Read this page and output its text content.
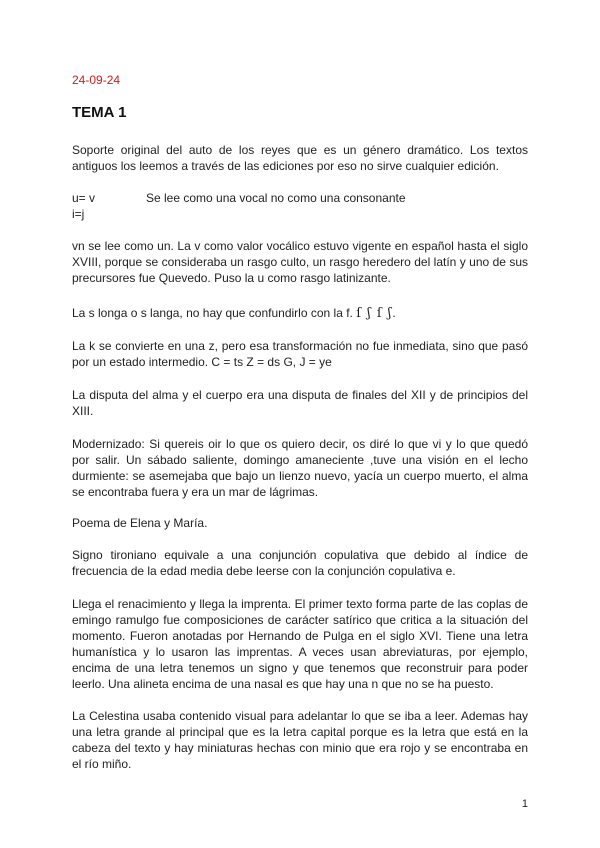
24-09-24
TEMA 1

Soporte original del auto de los reyes que es un género dramático. Los textos antiguos los leemos a través de las ediciones por eso no sirve cualquier edición.

u= v	Se lee como una vocal no como una consonante
i=j

vn se lee como un. La v como valor vocálico estuvo vigente en español hasta el siglo XVIII, porque se consideraba un rasgo culto, un rasgo heredero del latín y uno de sus precursores fue Quevedo. Puso la u como rasgo latinizante.

La s longa o s langa, no hay que confundirlo con la f. ſ ʃ ſ ʃ.

La k se convierte en una z, pero esa transformación no fue inmediata, sino que pasó por un estado intermedio. C = ts Z = ds G, J = ye

La disputa del alma y el cuerpo era una disputa de finales del XII y de principios del XIII.

Modernizado: Si quereis oir lo que os quiero decir, os diré lo que vi y lo que quedó por salir. Un sábado saliente, domingo amaneciente ,tuve una visión en el lecho durmiente: se asemejaba que bajo un lienzo nuevo, yacía un cuerpo muerto, el alma se encontraba fuera y era un mar de lágrimas.

Poema de Elena y María.

Signo tironiano equivale a una conjunción copulativa que debido al índice de frecuencia de la edad media debe leerse con la conjunción copulativa e.

Llega el renacimiento y llega la imprenta. El primer texto forma parte de las coplas de emingo ramulgo fue composiciones de carácter satírico que critica a la situación del momento. Fueron anotadas por Hernando de Pulga en el siglo XVI. Tiene una letra humanística y lo usaron las imprentas. A veces usan abreviaturas, por ejemplo, encima de una letra tenemos un signo y que tenemos que reconstruir para poder leerlo. Una alineta encima de una nasal es que hay una n que no se ha puesto.

La Celestina usaba contenido visual para adelantar lo que se iba a leer. Ademas hay una letra grande al principal que es la letra capital porque es la letra que está en la cabeza del texto y hay miniaturas hechas con minio que era rojo y se encontraba en el río miño.

1
